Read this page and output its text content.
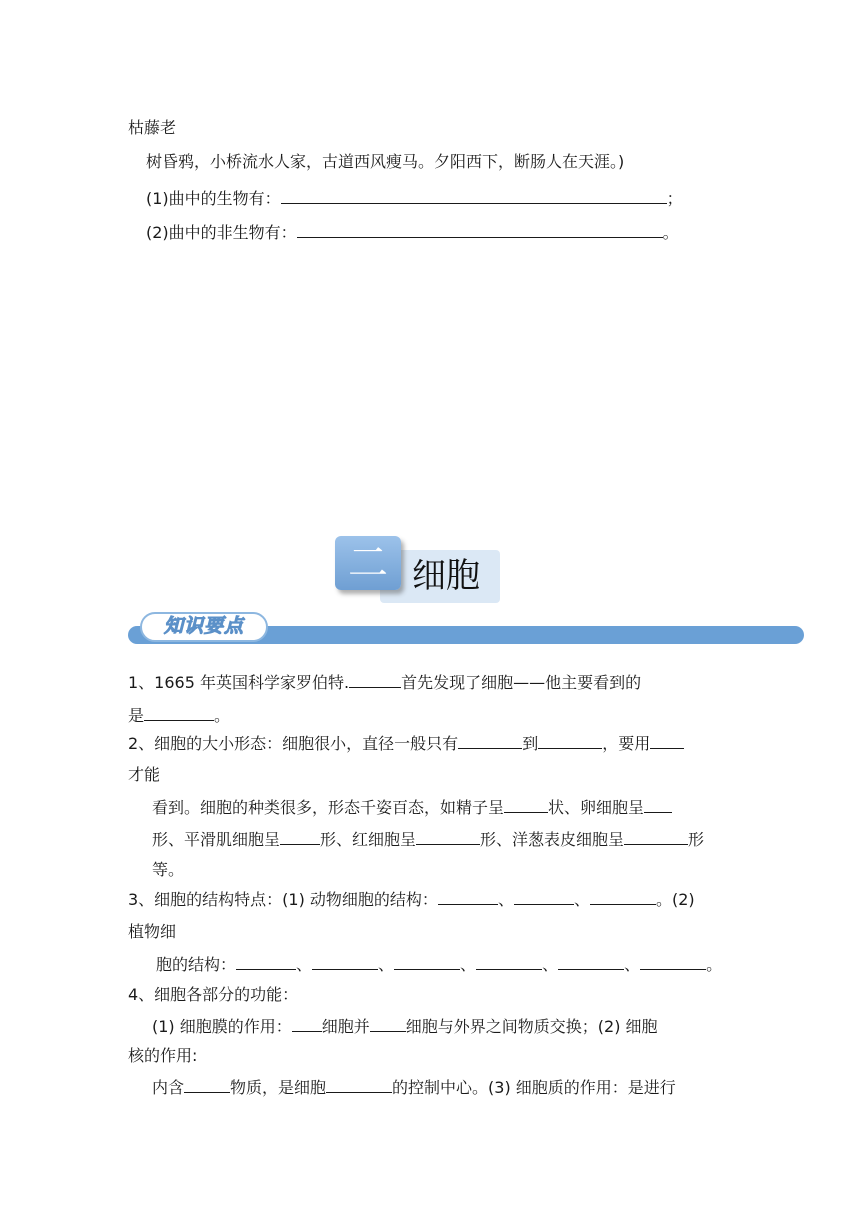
枯藤老
树昏鸦，小桥流水人家，古道西风瘦马。夕阳西下，断肠人在天涯。)
(1)曲中的生物有：	；
(2)曲中的非生物有：	。
二 细胞
知识要点
1、1665 年英国科学家罗伯特.	首先发现了细胞——他主要看到的
是	。
2、细胞的大小形态：细胞很小，直径一般只有	到	，要用
才能
看到。细胞的种类很多，形态千姿百态，如精子呈	状、卵细胞呈
形、平滑肌细胞呈	形、红细胞呈	形、洋葱表皮细胞呈	形
等。
3、细胞的结构特点：(1) 动物细胞的结构：	、	、	。(2)
植物细
胞的结构：	、	、	、	、	、	。
4、细胞各部分的功能：
(1) 细胞膜的作用： 细胞并 细胞与外界之间物质交换；(2) 细胞
核的作用:
内含	物质，是细胞	的控制中心。(3) 细胞质的作用：是进行
